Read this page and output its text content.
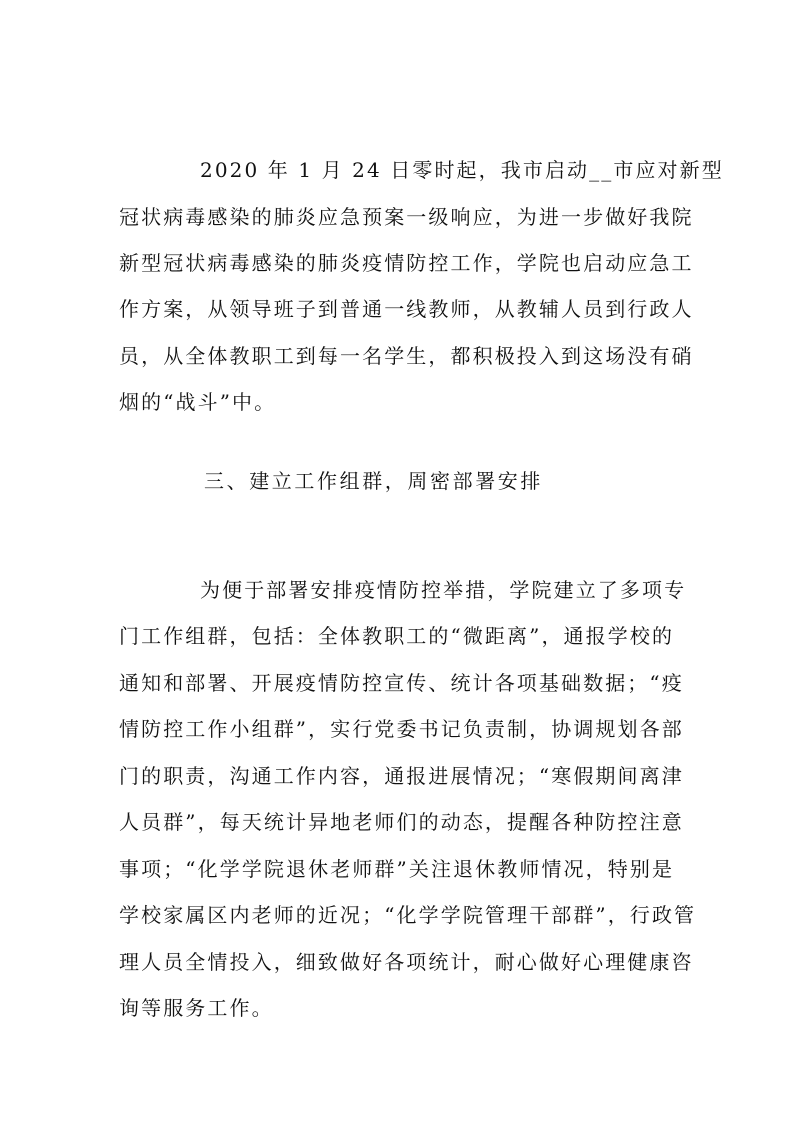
2020 年 1 月 24 日零时起，我市启动__市应对新型
冠状病毒感染的肺炎应急预案一级响应，为进一步做好我院
新型冠状病毒感染的肺炎疫情防控工作，学院也启动应急工
作方案，从领导班子到普通一线教师，从教辅人员到行政人
员，从全体教职工到每一名学生，都积极投入到这场没有硝
烟的“战斗”中。
三、建立工作组群，周密部署安排
为便于部署安排疫情防控举措，学院建立了多项专
门工作组群，包括：全体教职工的“微距离”，通报学校的
通知和部署、开展疫情防控宣传、统计各项基础数据；“疫
情防控工作小组群”，实行党委书记负责制，协调规划各部
门的职责，沟通工作内容，通报进展情况；“寒假期间离津
人员群”，每天统计异地老师们的动态，提醒各种防控注意
事项；“化学学院退休老师群”关注退休教师情况，特别是
学校家属区内老师的近况；“化学学院管理干部群”，行政管
理人员全情投入，细致做好各项统计，耐心做好心理健康咨
询等服务工作。
